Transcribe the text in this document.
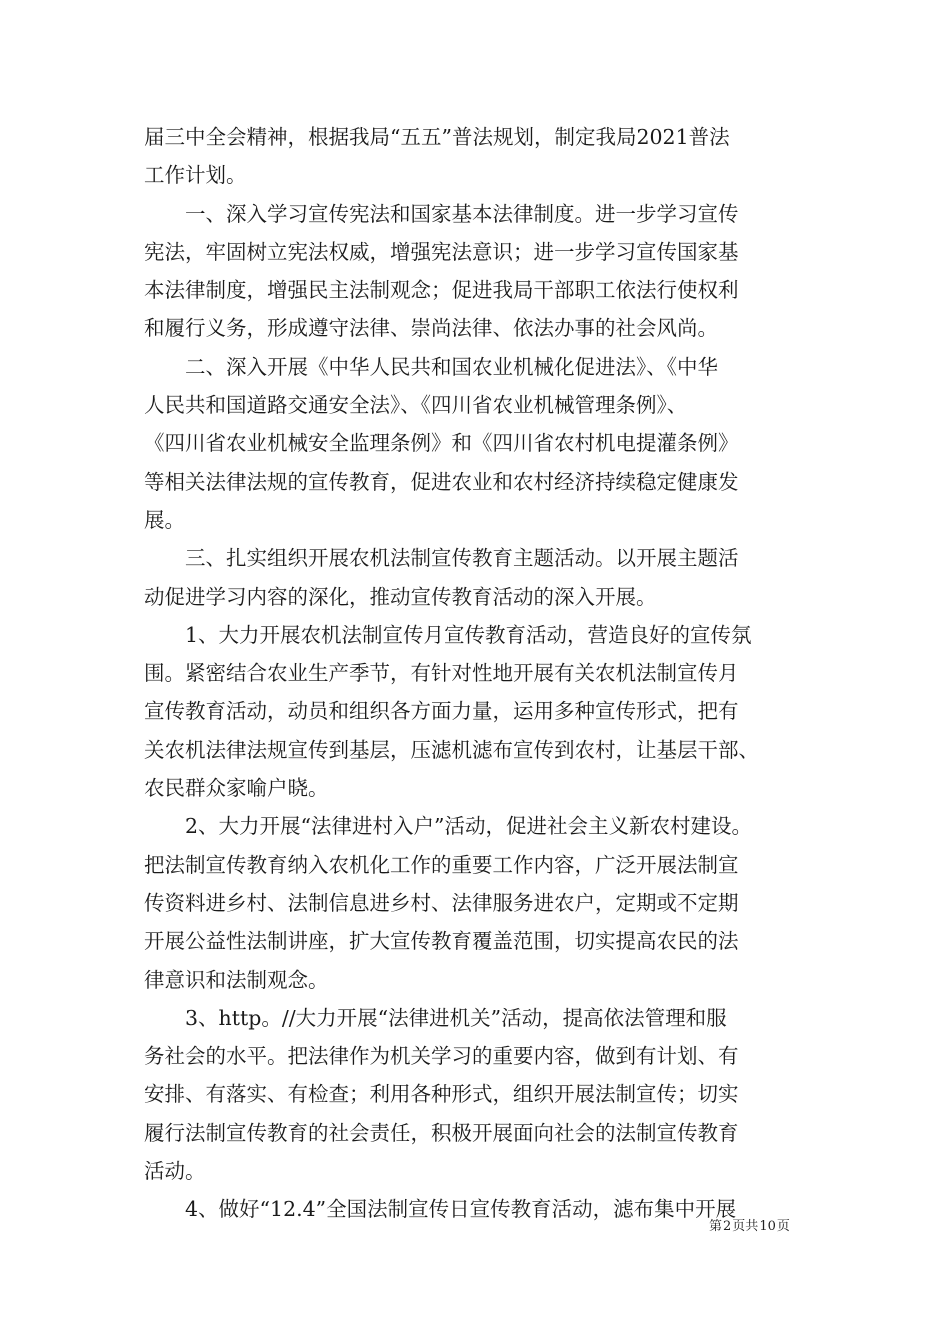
届三中全会精神，根据我局“五五”普法规划，制定我局2021普法
工作计划。
　　一、深入学习宣传宪法和国家基本法律制度。进一步学习宣传
宪法，牢固树立宪法权威，增强宪法意识；进一步学习宣传国家基
本法律制度，增强民主法制观念；促进我局干部职工依法行使权利
和履行义务，形成遵守法律、崇尚法律、依法办事的社会风尚。
　　二、深入开展《中华人民共和国农业机械化促进法》、《中华
人民共和国道路交通安全法》、《四川省农业机械管理条例》、
《四川省农业机械安全监理条例》和《四川省农村机电提灌条例》
等相关法律法规的宣传教育，促进农业和农村经济持续稳定健康发
展。
　　三、扎实组织开展农机法制宣传教育主题活动。以开展主题活
动促进学习内容的深化，推动宣传教育活动的深入开展。
　　1、大力开展农机法制宣传月宣传教育活动，营造良好的宣传氛
围。紧密结合农业生产季节，有针对性地开展有关农机法制宣传月
宣传教育活动，动员和组织各方面力量，运用多种宣传形式，把有
关农机法律法规宣传到基层，压滤机滤布宣传到农村，让基层干部、
农民群众家喻户晓。
　　2、大力开展“法律进村入户”活动，促进社会主义新农村建设。
把法制宣传教育纳入农机化工作的重要工作内容，广泛开展法制宣
传资料进乡村、法制信息进乡村、法律服务进农户，定期或不定期
开展公益性法制讲座，扩大宣传教育覆盖范围，切实提高农民的法
律意识和法制观念。
　　3、http。//大力开展“法律进机关”活动，提高依法管理和服
务社会的水平。把法律作为机关学习的重要内容，做到有计划、有
安排、有落实、有检查；利用各种形式，组织开展法制宣传；切实
履行法制宣传教育的社会责任，积极开展面向社会的法制宣传教育
活动。
　　4、做好“12.4”全国法制宣传日宣传教育活动，滤布集中开展
第2页共10页
